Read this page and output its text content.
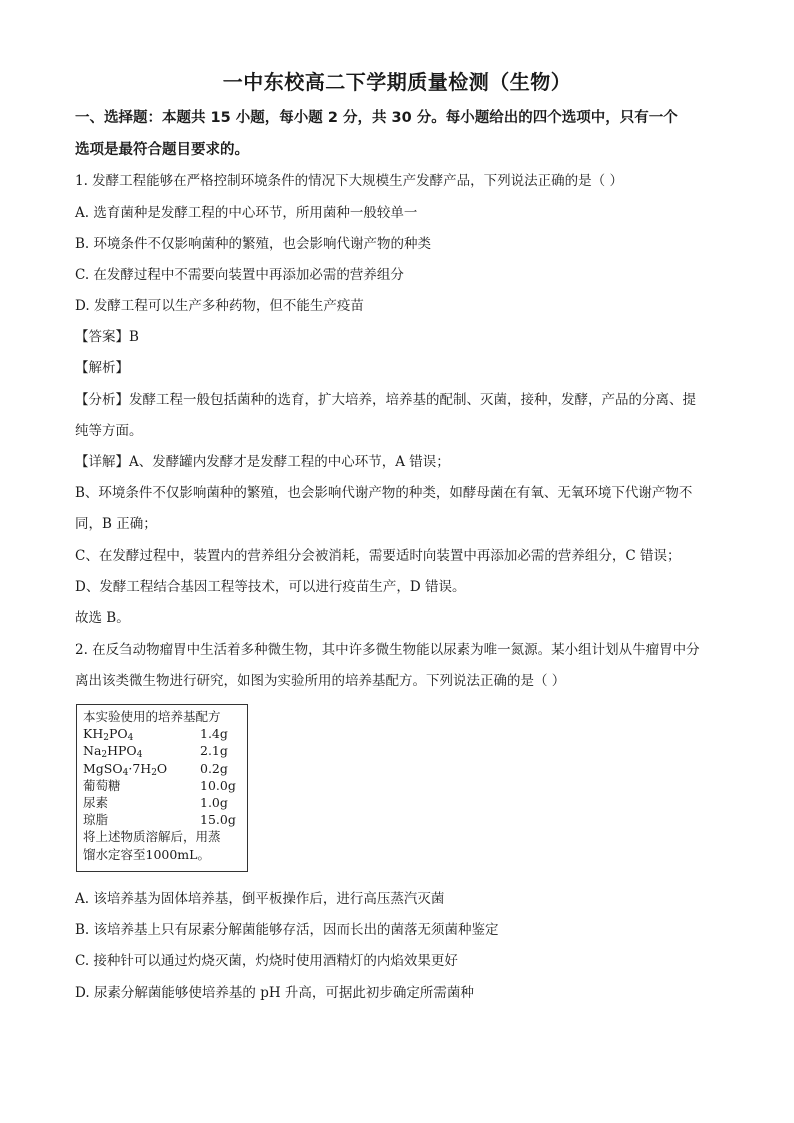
一中东校高二下学期质量检测（生物）
一、选择题：本题共 15 小题，每小题 2 分，共 30 分。每小题给出的四个选项中，只有一个
选项是最符合题目要求的。
1. 发酵工程能够在严格控制环境条件的情况下大规模生产发酵产品，下列说法正确的是（ ）
A. 选育菌种是发酵工程的中心环节，所用菌种一般较单一
B. 环境条件不仅影响菌种的繁殖，也会影响代谢产物的种类
C. 在发酵过程中不需要向装置中再添加必需的营养组分
D. 发酵工程可以生产多种药物，但不能生产疫苗
【答案】B
【解析】
【分析】发酵工程一般包括菌种的选育，扩大培养，培养基的配制、灭菌，接种，发酵，产品的分离、提
纯等方面。
【详解】A、发酵罐内发酵才是发酵工程的中心环节，A 错误；
B、环境条件不仅影响菌种的繁殖，也会影响代谢产物的种类，如酵母菌在有氧、无氧环境下代谢产物不
同，B 正确；
C、在发酵过程中，装置内的营养组分会被消耗，需要适时向装置中再添加必需的营养组分，C 错误；
D、发酵工程结合基因工程等技术，可以进行疫苗生产，D 错误。
故选 B。
2. 在反刍动物瘤胃中生活着多种微生物，其中许多微生物能以尿素为唯一氮源。某小组计划从牛瘤胃中分
离出该类微生物进行研究，如图为实验所用的培养基配方。下列说法正确的是（ ）
本实验使用的培养基配方
$KH_2PO_4$	1.4g
$Na_2HPO_4$	2.1g
$MgSO_4\cdot 7H_2O$	0.2g
葡萄糖	10.0g
尿素	1.0g
琼脂	15.0g
将上述物质溶解后，用蒸
馏水定容至1000mL。
A. 该培养基为固体培养基，倒平板操作后，进行高压蒸汽灭菌
B. 该培养基上只有尿素分解菌能够存活，因而长出的菌落无须菌种鉴定
C. 接种针可以通过灼烧灭菌，灼烧时使用酒精灯的内焰效果更好
D. 尿素分解菌能够使培养基的 pH 升高，可据此初步确定所需菌种
